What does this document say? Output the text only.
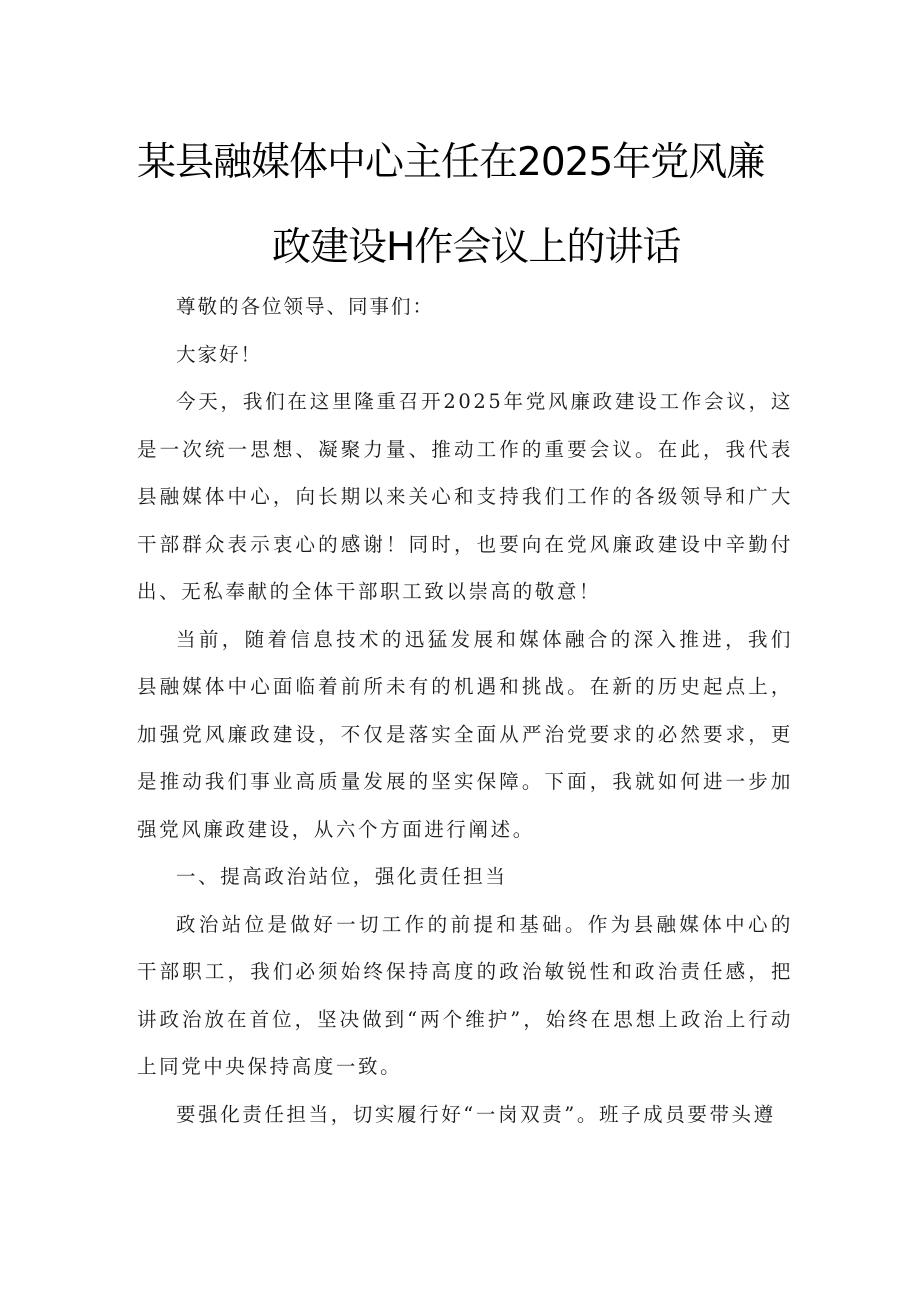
某县融媒体中心主任在2025年党风廉
政建设H作会议上的讲话

尊敬的各位领导、同事们：

大家好！

今天，我们在这里隆重召开2025年党风廉政建设工作会议，这是一次统一思想、凝聚力量、推动工作的重要会议。在此，我代表县融媒体中心，向长期以来关心和支持我们工作的各级领导和广大干部群众表示衷心的感谢！同时，也要向在党风廉政建设中辛勤付出、无私奉献的全体干部职工致以崇高的敬意！

当前，随着信息技术的迅猛发展和媒体融合的深入推进，我们县融媒体中心面临着前所未有的机遇和挑战。在新的历史起点上，加强党风廉政建设，不仅是落实全面从严治党要求的必然要求，更是推动我们事业高质量发展的坚实保障。下面，我就如何进一步加强党风廉政建设，从六个方面进行阐述。

一、提高政治站位，强化责任担当

政治站位是做好一切工作的前提和基础。作为县融媒体中心的干部职工，我们必须始终保持高度的政治敏锐性和政治责任感，把讲政治放在首位，坚决做到“两个维护”，始终在思想上政治上行动上同党中央保持高度一致。

要强化责任担当，切实履行好“一岗双责”。班子成员要带头遵
